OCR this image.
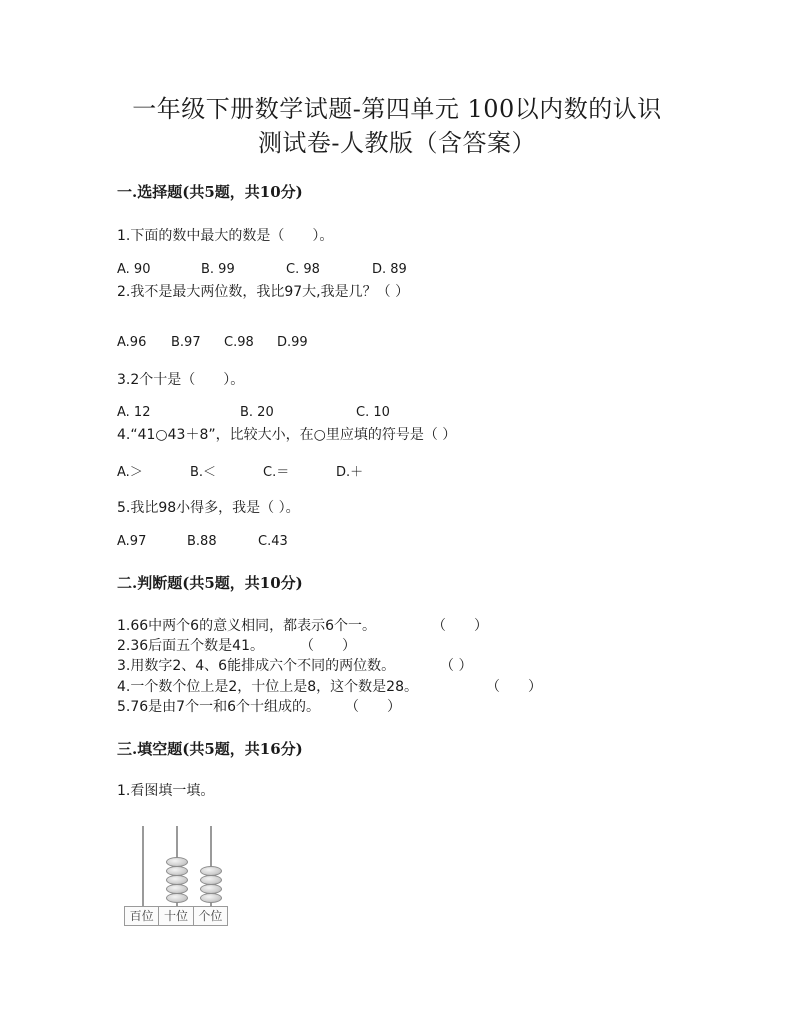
一年级下册数学试题-第四单元 100以内数的认识
测试卷-人教版（含答案）
一.选择题(共5题，共10分)
1.下面的数中最大的数是（　　）。
A. 90	B. 99	C. 98	D. 89
2.我不是最大两位数，我比97大,我是几？（ ）
A.96 B.97 C.98 D.99
3.2个十是（　　）。
A. 12	B. 20	C. 10
4.“41○43＋8”，比较大小，在○里应填的符号是（ ）
A.＞	B.＜	C.＝	D.＋
5.我比98小得多，我是（ ）。
A.97	B.88	C.43
二.判断题(共5题，共10分)
1.66中两个6的意义相同，都表示6个一。	（　　）
2.36后面五个数是41。	（　　）
3.用数字2、4、6能排成六个不同的两位数。	（ ）
4.一个数个位上是2，十位上是8，这个数是28。	（　　）
5.76是由7个一和6个十组成的。 （　　）
三.填空题(共5题，共16分)
1.看图填一填。
百位 十位 个位
